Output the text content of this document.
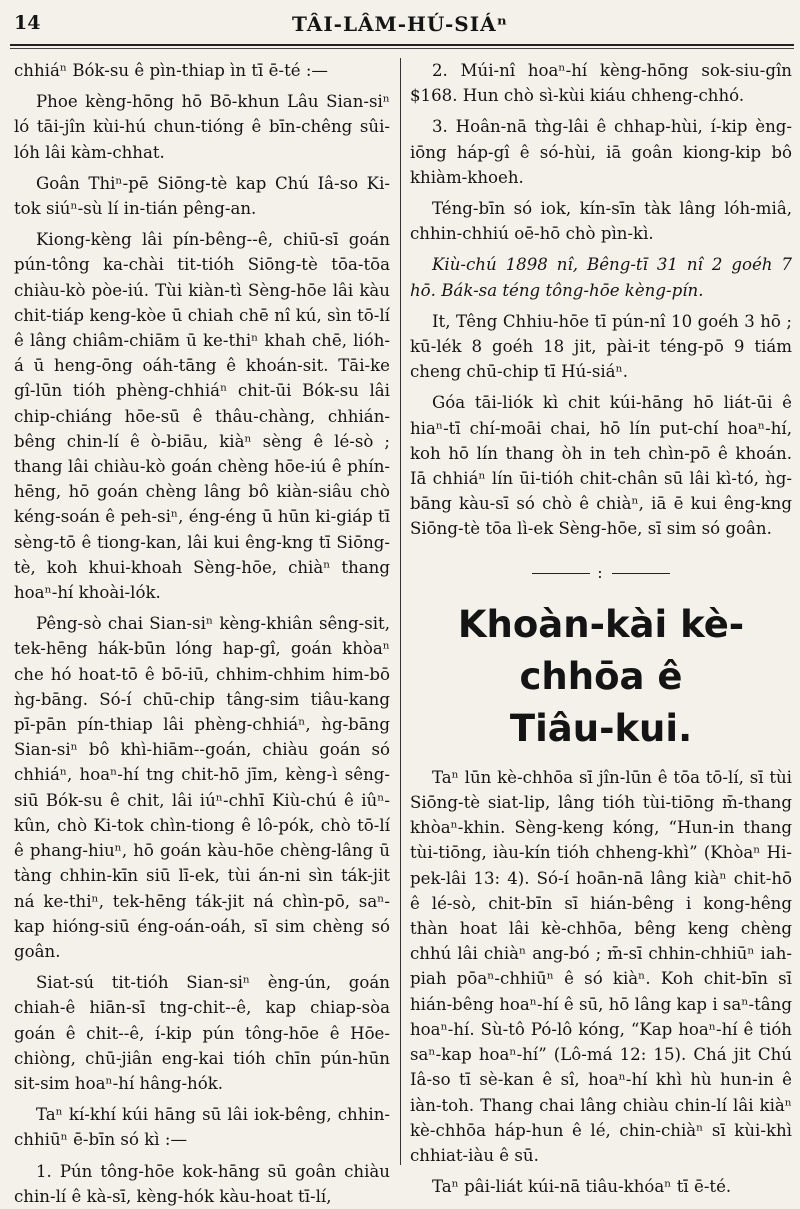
14	TÂI-LÂM-HÚ-SIÁⁿ

chhiáⁿ Bók-su ê pìn-thiap ìn tī ē-té :—

Phoe kèng-hōng hō Bō-khun Lâu Sian-siⁿ ló tāi-jîn kùi-hú chun-tióng ê bīn-chêng sûi-lóh lâi kàm-chhat.

Goân Thiⁿ-pē Siōng-tè kap Chú Iâ-so Ki-tok siúⁿ-sù lí in-tián pêng-an.

Kiong-kèng lâi pín-bêng--ê, chiū-sī goán pún-tông ka-chài tit-tióh Siōng-tè tōa-tōa chiàu-kò pòe-iú. Tùi kiàn-tì Sèng-hōe lâi kàu chit-tiáp keng-kòe ū chiah chē nî kú, sìn tō-lí ê lâng chiâm-chiām ū ke-thiⁿ khah chē, lióh-á ū heng-ōng oáh-tāng ê khoán-sit. Tāi-ke gî-lūn tióh phèng-chhiáⁿ chit-ūi Bók-su lâi chip-chiáng hōe-sū ê thâu-chàng, chhián-bêng chin-lí ê ò-biāu, kiàⁿ sèng ê lé-sò ; thang lâi chiàu-kò goán chèng hōe-iú ê phín-hēng, hō goán chèng lâng bô kiàn-siâu chò kéng-soán ê peh-siⁿ, éng-éng ū hūn ki-giáp tī sèng-tō ê tiong-kan, lâi kui êng-kng tī Siōng-tè, koh khui-khoah Sèng-hōe, chiàⁿ thang hoaⁿ-hí khoài-lók.

Pêng-sò chai Sian-siⁿ kèng-khiân sêng-sit, tek-hēng hák-būn lóng hap-gî, goán khòaⁿ che hó hoat-tō ê bō-iū, chhim-chhim him-bō ǹg-bāng. Só-í chū-chip tâng-sim tiâu-kang pī-pān pín-thiap lâi phèng-chhiáⁿ, ǹg-bāng Sian-siⁿ bô khì-hiām--goán, chiàu goán só chhiáⁿ, hoaⁿ-hí tng chit-hō jīm, kèng-ì sêng-siū Bók-su ê chit, lâi iúⁿ-chhī Kiù-chú ê iûⁿ-kûn, chò Ki-tok chìn-tiong ê lô-pók, chò tō-lí ê phang-hiuⁿ, hō goán kàu-hōe chèng-lâng ū tàng chhin-kīn siū lī-ek, tùi án-ni sìn ták-jit ná ke-thiⁿ, tek-hēng ták-jit ná chìn-pō, saⁿ-kap hióng-siū éng-oán-oáh, sī sim chèng só goân.

Siat-sú tit-tióh Sian-siⁿ èng-ún, goán chiah-ê hiān-sī tng-chit--ê, kap chiap-sòa goán ê chit--ê, í-kip pún tông-hōe ê Hōe-chiòng, chū-jiân eng-kai tióh chīn pún-hūn sit-sim hoaⁿ-hí hâng-hók.

Taⁿ kí-khí kúi hāng sū lâi iok-bêng, chhin-chhiūⁿ ē-bīn só kì :—

1. Pún tông-hōe kok-hāng sū goân chiàu chin-lí ê kà-sī, kèng-hók kàu-hoat tī-lí,

2. Múi-nî hoaⁿ-hí kèng-hōng sok-siu-gîn $168. Hun chò sì-kùi kiáu chheng-chhó.

3. Hoân-nā tǹg-lâi ê chhap-hùi, í-kip èng-iōng háp-gî ê só-hùi, iā goân kiong-kip bô khiàm-khoeh.

Téng-bīn só iok, kín-sīn tàk lâng lóh-miâ, chhin-chhiú oē-hō chò pìn-kì.

Kiù-chú 1898 nî, Bêng-tī 31 nî 2 goéh 7 hō. Bák-sa téng tông-hōe kèng-pín.

It, Têng Chhiu-hōe tī pún-nî 10 goéh 3 hō ; kū-lék 8 goéh 18 jit, pài-it téng-pō 9 tiám cheng chū-chip tī Hú-siáⁿ.

Góa tāi-liók kì chit kúi-hāng hō liát-ūi ê hiaⁿ-tī chí-moāi chai, hō lín put-chí hoaⁿ-hí, koh hō lín thang òh in teh chìn-pō ê khoán. Iā chhiáⁿ lín ūi-tióh chit-chân sū lâi kì-tó, ǹg-bāng kàu-sī só chò ê chiàⁿ, iā ē kui êng-kng Siōng-tè tōa lì-ek Sèng-hōe, sī sim só goân.

:
Khoàn-kài kè-chhōa ê
Tiâu-kui.

Taⁿ lūn kè-chhōa sī jîn-lūn ê tōa tō-lí, sī tùi Siōng-tè siat-lip, lâng tióh tùi-tiōng m̄-thang khòaⁿ-khin. Sèng-keng kóng, “Hun-in thang tùi-tiōng, iàu-kín tióh chheng-khì” (Khòaⁿ Hi-pek-lâi 13: 4). Só-í hoān-nā lâng kiàⁿ chit-hō ê lé-sò, chit-bīn sī hián-bêng i kong-hêng thàn hoat lâi kè-chhōa, bêng keng chèng chhú lâi chiàⁿ ang-bó ; m̄-sī chhin-chhiūⁿ iah-piah pōaⁿ-chhiūⁿ ê só kiàⁿ. Koh chit-bīn sī hián-bêng hoaⁿ-hí ê sū, hō lâng kap i saⁿ-tâng hoaⁿ-hí. Sù-tô Pó-lô kóng, “Kap hoaⁿ-hí ê tióh saⁿ-kap hoaⁿ-hí” (Lô-má 12: 15). Chá jit Chú Iâ-so tī sè-kan ê sî, hoaⁿ-hí khì hù hun-in ê iàn-toh. Thang chai lâng chiàu chin-lí lâi kiàⁿ kè-chhōa háp-hun ê lé, chin-chiàⁿ sī kùi-khì chhiat-iàu ê sū.

Taⁿ pâi-liát kúi-nā tiâu-khóaⁿ tī ē-té.
